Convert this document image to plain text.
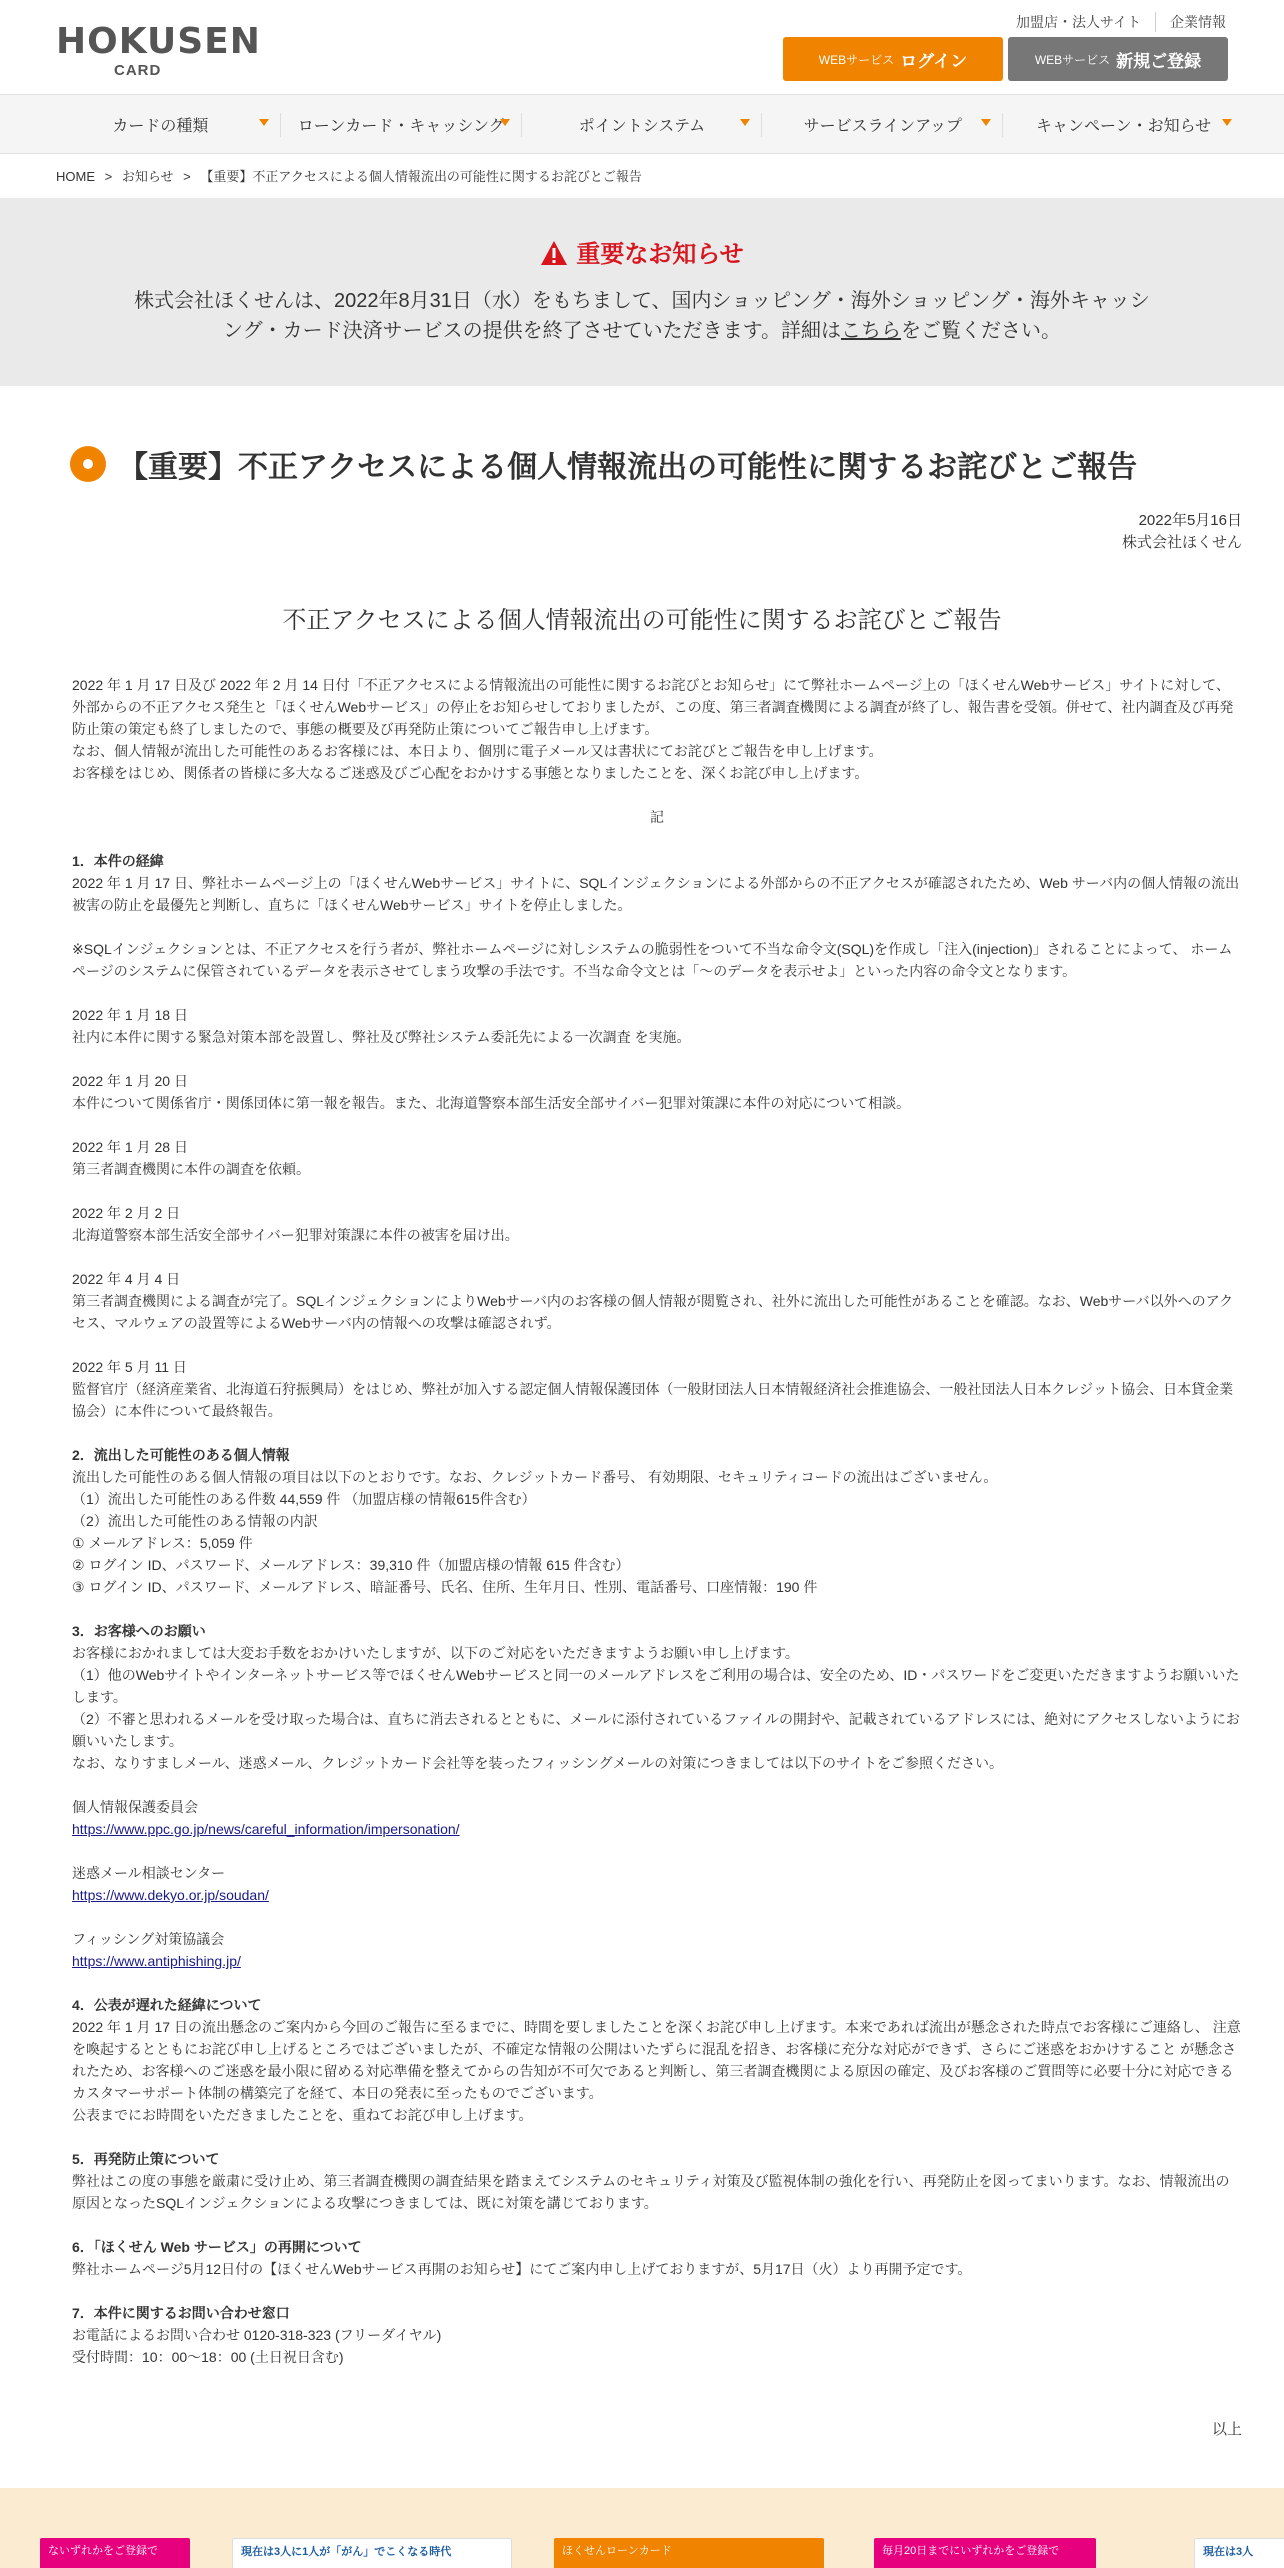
HOKUSEN
CARD
加盟店・法人サイト	企業情報
WEBサービス ログイン	WEBサービス 新規ご登録
カードの種類	ローンカード・キャッシング	ポイントシステム	サービスラインアップ	キャンペーン・お知らせ
HOME > お知らせ > 【重要】不正アクセスによる個人情報流出の可能性に関するお詫びとご報告
重要なお知らせ
株式会社ほくせんは、2022年8月31日（水）をもちまして、国内ショッピング・海外ショッピング・海外キャッシング・カード決済サービスの提供を終了させていただきます。詳細はこちらをご覧ください。
【重要】不正アクセスによる個人情報流出の可能性に関するお詫びとご報告
2022年5月16日
株式会社ほくせん
不正アクセスによる個人情報流出の可能性に関するお詫びとご報告

2022 年 1 月 17 日及び 2022 年 2 月 14 日付「不正アクセスによる情報流出の可能性に関するお詫びとお知らせ」にて弊社ホームページ上の「ほくせんWebサービス」サイトに対して、外部からの不正アクセス発生と「ほくせんWebサービス」の停止をお知らせしておりましたが、この度、第三者調査機関による調査が終了し、報告書を受領。併せて、社内調査及び再発防止策の策定も終了しましたので、事態の概要及び再発防止策についてご報告申し上げます。

なお、個人情報が流出した可能性のあるお客様には、本日より、個別に電子メール又は書状にてお詫びとご報告を申し上げます。

お客様をはじめ、関係者の皆様に多大なるご迷惑及びご心配をおかけする事態となりましたことを、深くお詫び申し上げます。

記

1．本件の経緯

2022 年 1 月 17 日、弊社ホームページ上の「ほくせんWebサービス」サイトに、SQLインジェクションによる外部からの不正アクセスが確認されたため、Web サーバ内の個人情報の流出被害の防止を最優先と判断し、直ちに「ほくせんWebサービス」サイトを停止しました。

※SQLインジェクションとは、不正アクセスを行う者が、弊社ホームページに対しシステムの脆弱性をついて不当な命令文(SQL)を作成し「注入(injection)」されることによって、 ホームページのシステムに保管されているデータを表示させてしまう攻撃の手法です。不当な命令文とは「～のデータを表示せよ」といった内容の命令文となります。

2022 年 1 月 18 日

社内に本件に関する緊急対策本部を設置し、弊社及び弊社システム委託先による一次調査 を実施。

2022 年 1 月 20 日

本件について関係省庁・関係団体に第一報を報告。また、北海道警察本部生活安全部サイバー犯罪対策課に本件の対応について相談。

2022 年 1 月 28 日

第三者調査機関に本件の調査を依頼。

2022 年 2 月 2 日

北海道警察本部生活安全部サイバー犯罪対策課に本件の被害を届け出。

2022 年 4 月 4 日

第三者調査機関による調査が完了。SQLインジェクションによりWebサーバ内のお客様の個人情報が閲覧され、社外に流出した可能性があることを確認。なお、Webサーバ以外へのアクセス、マルウェアの設置等によるWebサーバ内の情報への攻撃は確認されず。

2022 年 5 月 11 日

監督官庁（経済産業省、北海道石狩振興局）をはじめ、弊社が加入する認定個人情報保護団体（一般財団法人日本情報経済社会推進協会、一般社団法人日本クレジット協会、日本貸金業協会）に本件について最終報告。

2．流出した可能性のある個人情報

流出した可能性のある個人情報の項目は以下のとおりです。なお、クレジットカード番号、 有効期限、セキュリティコードの流出はございません。

（1）流出した可能性のある件数 44,559 件 （加盟店様の情報615件含む）

（2）流出した可能性のある情報の内訳

① メールアドレス：5,059 件

② ログイン ID、パスワード、メールアドレス：39,310 件（加盟店様の情報 615 件含む）

③ ログイン ID、パスワード、メールアドレス、暗証番号、氏名、住所、生年月日、性別、電話番号、口座情報：190 件

3．お客様へのお願い

お客様におかれましては大変お手数をおかけいたしますが、以下のご対応をいただきますようお願い申し上げます。

（1）他のWebサイトやインターネットサービス等でほくせんWebサービスと同一のメールアドレスをご利用の場合は、安全のため、ID・パスワードをご変更いただきますようお願いいたします。

（2）不審と思われるメールを受け取った場合は、直ちに消去されるとともに、メールに添付されているファイルの開封や、記載されているアドレスには、絶対にアクセスしないようにお願いいたします。

なお、なりすましメール、迷惑メール、クレジットカード会社等を装ったフィッシングメールの対策につきましては以下のサイトをご参照ください。

個人情報保護委員会

https://www.ppc.go.jp/news/careful_information/impersonation/

迷惑メール相談センター

https://www.dekyo.or.jp/soudan/

フィッシング対策協議会

https://www.antiphishing.jp/

4．公表が遅れた経緯について

2022 年 1 月 17 日の流出懸念のご案内から今回のご報告に至るまでに、時間を要しましたことを深くお詫び申し上げます。本来であれば流出が懸念された時点でお客様にご連絡し、 注意を喚起するとともにお詫び申し上げるところではございましたが、不確定な情報の公開はいたずらに混乱を招き、お客様に充分な対応ができず、さらにご迷惑をおかけすること が懸念されたため、お客様へのご迷惑を最小限に留める対応準備を整えてからの告知が不可欠であると判断し、第三者調査機関による原因の確定、及びお客様のご質問等に必要十分に対応できるカスタマーサポート体制の構築完了を経て、本日の発表に至ったものでございます。

公表までにお時間をいただきましたことを、重ねてお詫び申し上げます。

5．再発防止策について

弊社はこの度の事態を厳粛に受け止め、第三者調査機関の調査結果を踏まえてシステムのセキュリティ対策及び監視体制の強化を行い、再発防止を図ってまいります。なお、情報流出の原因となったSQLインジェクションによる攻撃につきましては、既に対策を講じております。

6．「ほくせん Web サービス」の再開について

弊社ホームページ5月12日付の【ほくせんWebサービス再開のお知らせ】にてご案内申し上げておりますが、5月17日（火）より再開予定です。

7．本件に関するお問い合わせ窓口

お電話によるお問い合わせ 0120-318-323 (フリーダイヤル)

受付時間：10：00～18：00 (土日祝日含む)

以上
ないずれかをご登録で	現在は3人に1人が「がん」でこくなる時代	ほくせんローンカード	毎月20日までにいずれかをご登録で	現在は3人
